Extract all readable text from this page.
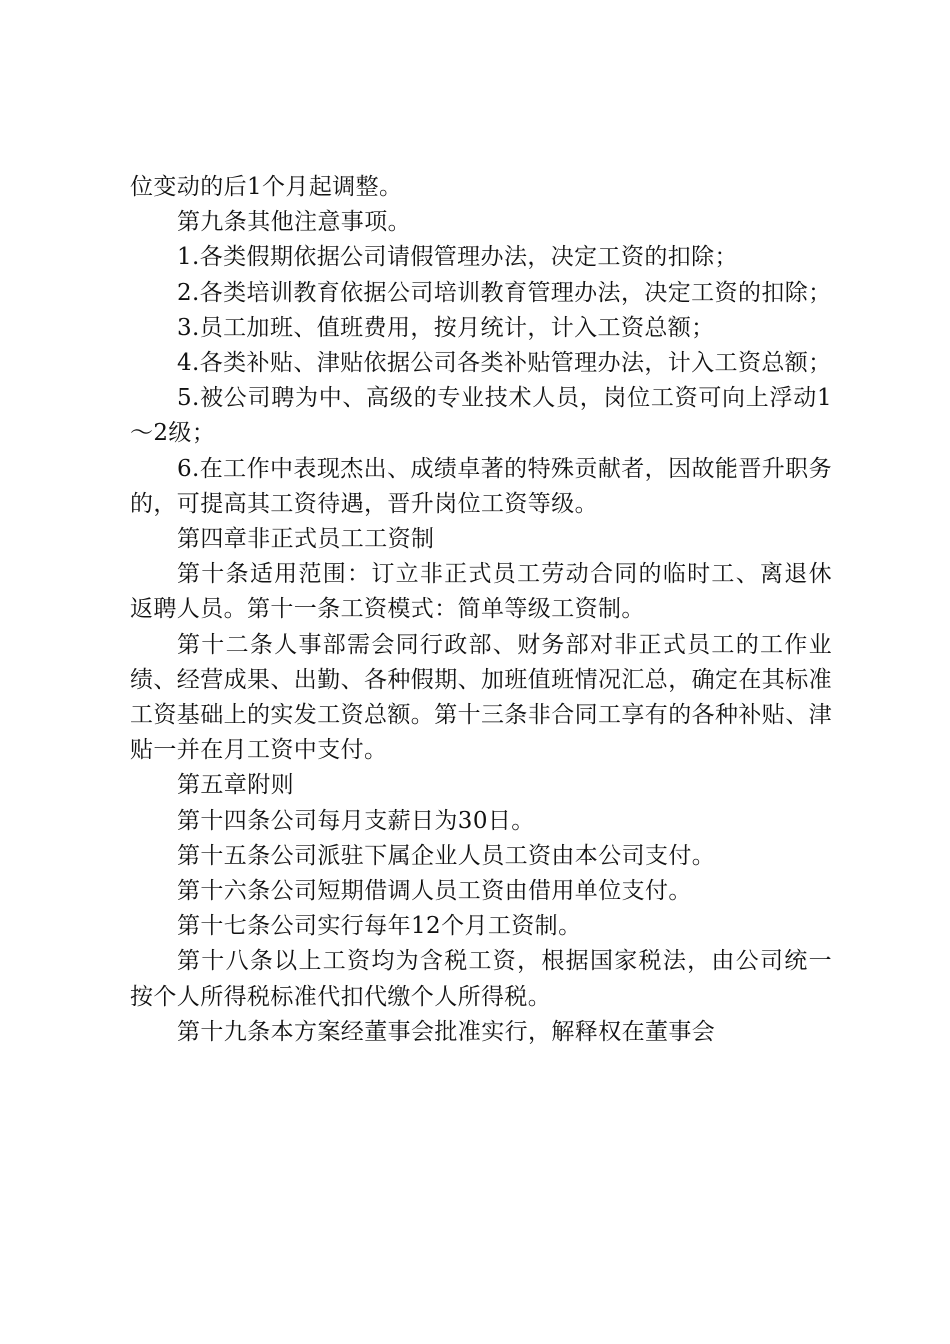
位变动的后1个月起调整。

第九条其他注意事项。

1.各类假期依据公司请假管理办法，决定工资的扣除；

2.各类培训教育依据公司培训教育管理办法，决定工资的扣除；

3.员工加班、值班费用，按月统计，计入工资总额；

4.各类补贴、津贴依据公司各类补贴管理办法，计入工资总额；

5.被公司聘为中、高级的专业技术人员，岗位工资可向上浮动1～2级；

6.在工作中表现杰出、成绩卓著的特殊贡献者，因故能晋升职务的，可提高其工资待遇，晋升岗位工资等级。

第四章非正式员工工资制

第十条适用范围：订立非正式员工劳动合同的临时工、离退休返聘人员。第十一条工资模式：简单等级工资制。

第十二条人事部需会同行政部、财务部对非正式员工的工作业绩、经营成果、出勤、各种假期、加班值班情况汇总，确定在其标准工资基础上的实发工资总额。第十三条非合同工享有的各种补贴、津贴一并在月工资中支付。

第五章附则

第十四条公司每月支薪日为30日。

第十五条公司派驻下属企业人员工资由本公司支付。

第十六条公司短期借调人员工资由借用单位支付。

第十七条公司实行每年12个月工资制。

第十八条以上工资均为含税工资，根据国家税法，由公司统一按个人所得税标准代扣代缴个人所得税。

第十九条本方案经董事会批准实行，解释权在董事会
